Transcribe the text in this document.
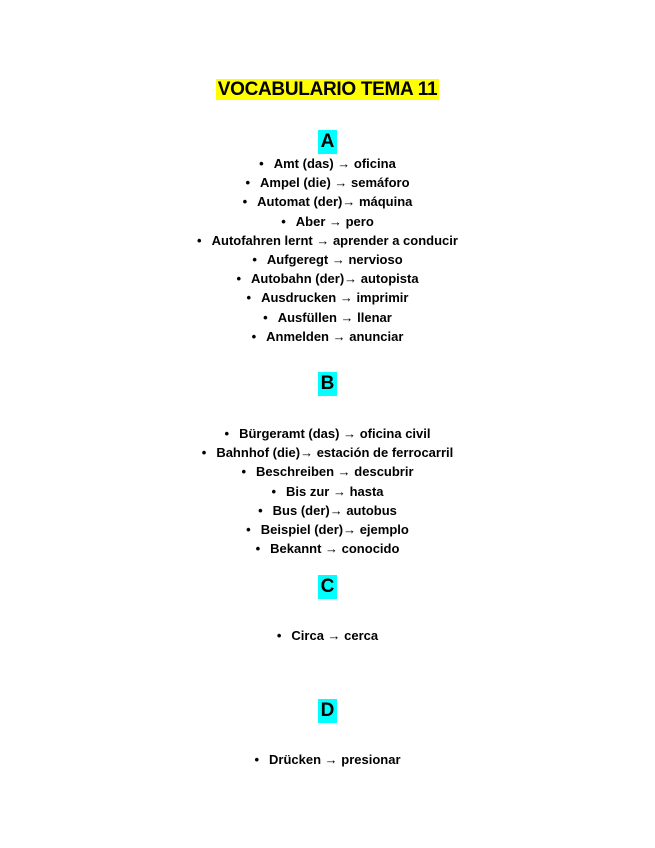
VOCABULARIO TEMA 11
A
• Amt (das) → oficina
• Ampel (die) → semáforo
• Automat (der)→ máquina
• Aber → pero
• Autofahren lernt → aprender a conducir
• Aufgeregt → nervioso
• Autobahn (der)→ autopista
• Ausdrucken → imprimir
• Ausfüllen → llenar
• Anmelden → anunciar
B
• Bürgeramt (das) → oficina civil
• Bahnhof (die)→ estación de ferrocarril
• Beschreiben → descubrir
• Bis zur → hasta
• Bus (der)→ autobus
• Beispiel (der)→ ejemplo
• Bekannt → conocido
C
• Circa → cerca
D
• Drücken → presionar
